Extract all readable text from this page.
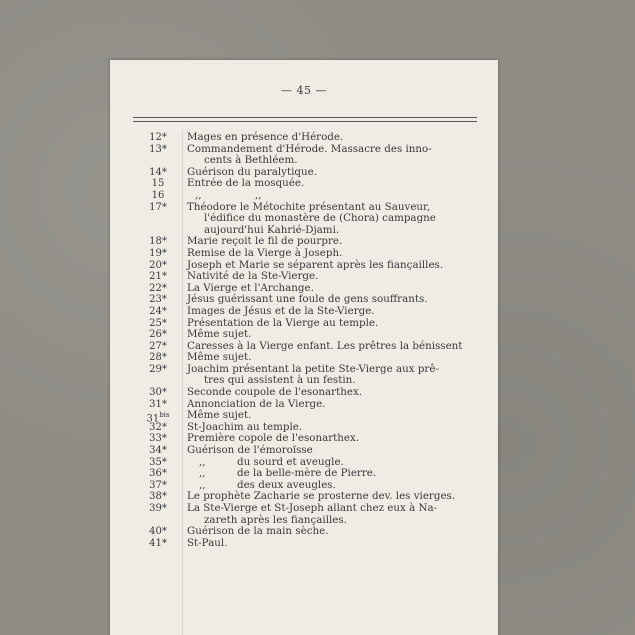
— 45 —
12*	Mages en présence d'Hérode.
13*	Commandement d'Hérode. Massacre des inno-
cents à Bethléem.
14*	Guérison du paralytique.
15	Entrée de la mosquée.
16	,,	,,
17*	Théodore le Métochite présentant au Sauveur,
l'édifice du monastère de (Chora) campagne
aujourd'hui Kahrié-Djami.
18*	Marie reçoit le fil de pourpre.
19*	Remise de la Vierge à Joseph.
20*	Joseph et Marie se séparent après les fiançailles.
21*	Nativité de la Ste-Vierge.
22*	La Vierge et l'Archange.
23*	Jésus guérissant une foule de gens souffrants.
24*	Images de Jésus et de la Ste-Vierge.
25*	Présentation de la Vierge au temple.
26*	Même sujet.
27*	Caresses à la Vierge enfant. Les prêtres la bénissent
28*	Même sujet.
29*	Joachim présentant la petite Ste-Vierge aux prê-
tres qui assistent à un festin.
30*	Seconde coupole de l'esonarthex.
31*	Annonciation de la Vierge.
$31^{bis}$	Même sujet.
32*	St-Joachim au temple.
33*	Première copole de l'esonarthex.
34*	Guérison de l'émoroïsse
35*	,,	du sourd et aveugle.
36*	,,	de la belle-mère de Pierre.
37*	,,	des deux aveugles.
38*	Le prophète Zacharie se prosterne dev. les vierges.
39*	La Ste-Vierge et St-Joseph allant chez eux à Na-
zareth après les fiançailles.
40*	Guérison de la main sèche.
41*	St-Paul.
